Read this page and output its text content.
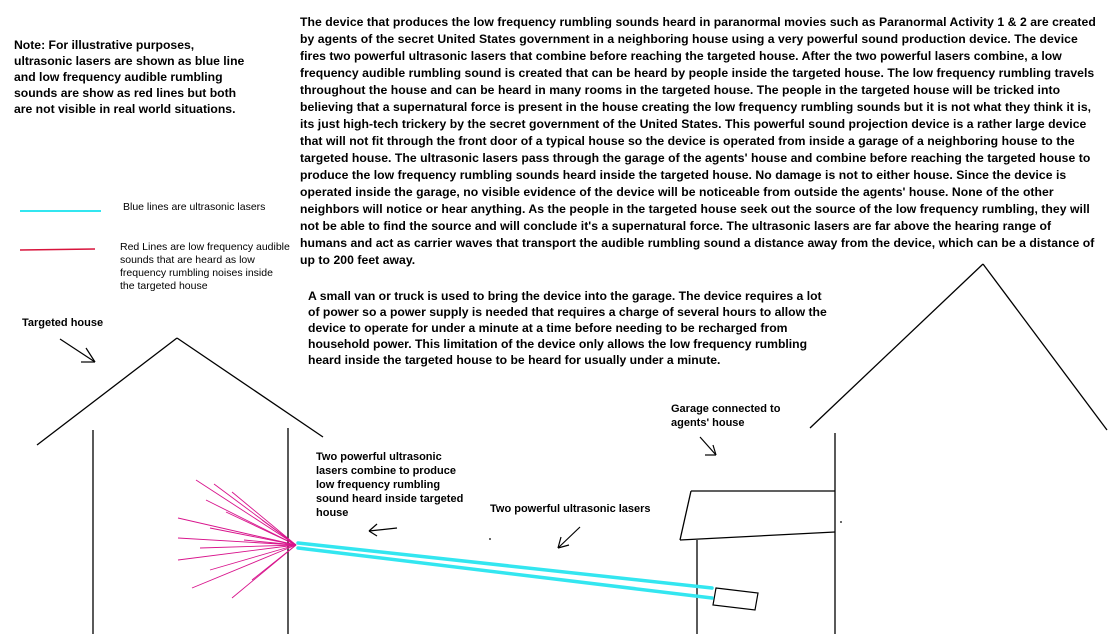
The device that produces the low frequency rumbling sounds heard in paranormal movies such as Paranormal Activity 1 & 2 are created by agents of the secret United States government in a neighboring house using a very powerful sound production device. The device fires two powerful ultrasonic lasers that combine before reaching the targeted house. After the two powerful lasers combine, a low frequency audible rumbling sound is created that can be heard by people inside the targeted house. The low frequency rumbling travels throughout the house and can be heard in many rooms in the targeted house. The people in the targeted house will be tricked into believing that a supernatural force is present in the house creating the low frequency rumbling sounds but it is not what they think it is, its just high-tech trickery by the secret government of the United States. This powerful sound projection device is a rather large device that will not fit through the front door of a typical house so the device is operated from inside a garage of a neighboring house to the targeted house. The ultrasonic lasers pass through the garage of the agents' house and combine before reaching the targeted house to produce the low frequency rumbling sounds heard inside the targeted house. No damage is not to either house. Since the device is operated inside the garage, no visible evidence of the device will be noticeable from outside the agents' house. None of the other neighbors will notice or hear anything. As the people in the targeted house seek out the source of the low frequency rumbling, they will not be able to find the source and will conclude it's a supernatural force. The ultrasonic lasers are far above the hearing range of humans and act as carrier waves that transport the audible rumbling sound a distance away from the device, which can be a distance of up to 200 feet away.

A small van or truck is used to bring the device into the garage. The device requires a lot of power so a power supply is needed that requires a charge of several hours to allow the device to operate for under a minute at a time before needing to be recharged from household power. This limitation of the device only allows the low frequency rumbling heard inside the targeted house to be heard for usually under a minute.

Note: For illustrative purposes, ultrasonic lasers are shown as blue line and low frequency audible rumbling sounds are show as red lines but both are not visible in real world situations.

Blue lines are ultrasonic lasers

Red Lines are low frequency audible sounds that are heard as low frequency rumbling noises inside the targeted house

Targeted house

Garage connected to agents' house

Two powerful ultrasonic lasers combine to produce low frequency rumbling sound heard inside targeted house	Two powerful ultrasonic lasers
